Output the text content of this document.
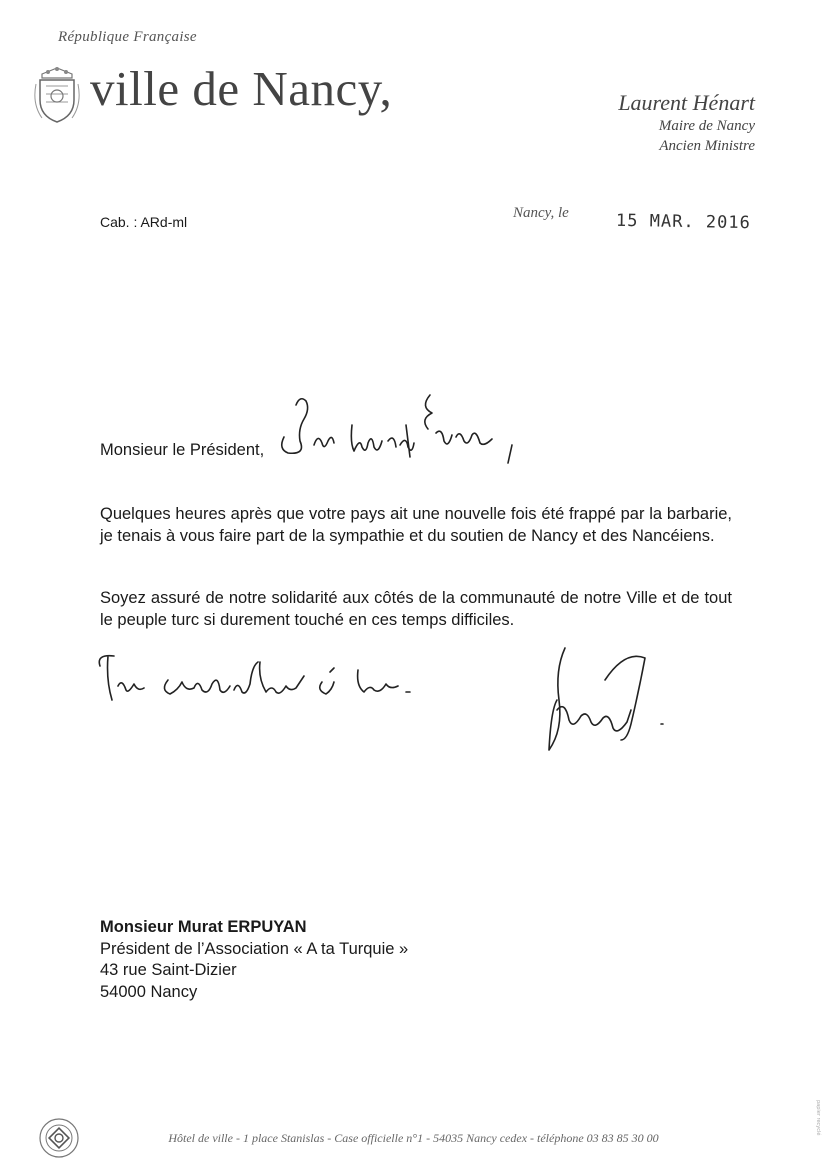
République Française
ville de Nancy,	Laurent Hénart
Maire de Nancy
Ancien Ministre
Cab. : ARd-ml
Nancy, le	15 MAR. 2016
Monsieur le Président,
Quelques heures après que votre pays ait une nouvelle fois été frappé par la barbarie, je tenais à vous faire part de la sympathie et du soutien de Nancy et des Nancéiens.
Soyez assuré de notre solidarité aux côtés de la communauté de notre Ville et de tout le peuple turc si durement touché en ces temps difficiles.
Monsieur Murat ERPUYAN
Président de l’Association « A ta Turquie »
43 rue Saint-Dizier
54000 Nancy
Hôtel de ville - 1 place Stanislas - Case officielle n°1 - 54035 Nancy cedex - téléphone 03 83 85 30 00
papier recyclé
